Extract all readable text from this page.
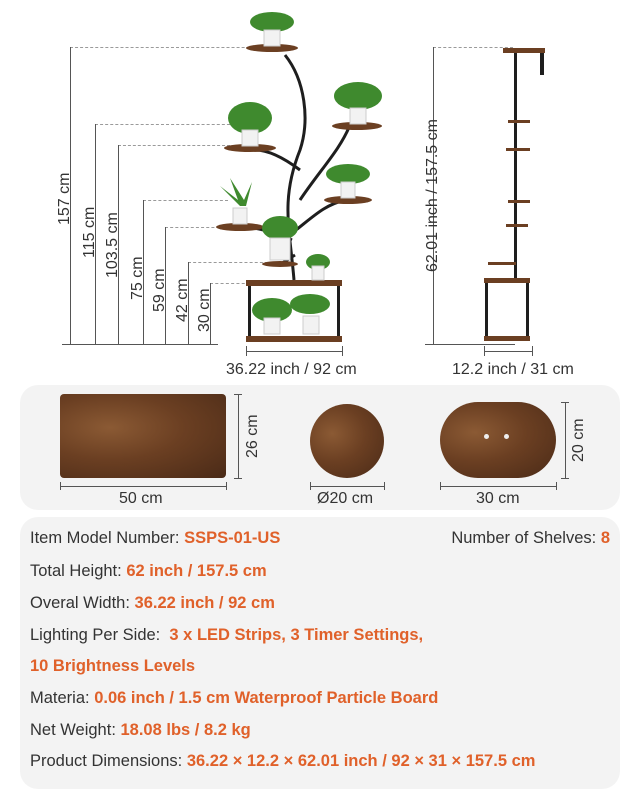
157 cm
115 cm 103.5 cm
75 cm 59 cm 42 cm 30 cm
36.22 inch / 92 cm
62.01 inch / 157.5 cm
12.2 inch / 31 cm
50 cm
26 cm
Ø20 cm	30 cm
20 cm
Item Model Number: SSPS-01-US	Number of Shelves: 8
Total Height: 62 inch / 157.5 cm
Overal Width: 36.22 inch / 92 cm
Lighting Per Side:  3 x LED Strips, 3 Timer Settings,
10 Brightness Levels
Materia: 0.06 inch / 1.5 cm Waterproof Particle Board
Net Weight: 18.08 lbs / 8.2 kg
Product Dimensions: 36.22 × 12.2 × 62.01 inch / 92 × 31 × 157.5 cm
